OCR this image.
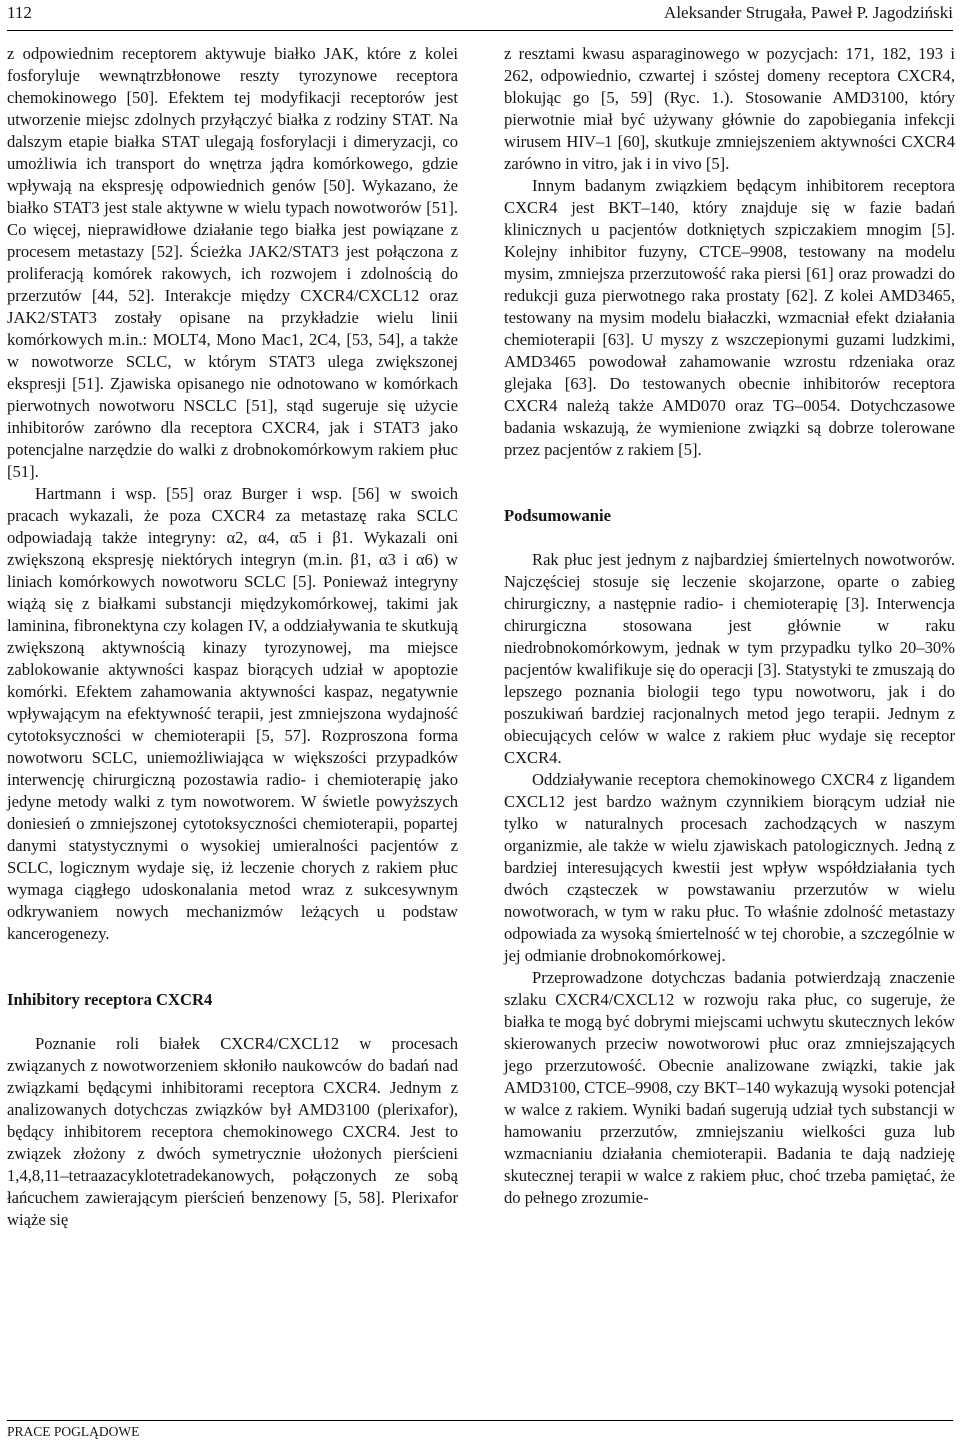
112	Aleksander Strugała, Paweł P. Jagodziński

z odpowiednim receptorem aktywuje białko JAK, które z kolei fosforyluje wewnątrzbłonowe reszty tyrozynowe receptora chemokinowego [50]. Efektem tej modyfikacji receptorów jest utworzenie miejsc zdolnych przyłączyć białka z rodziny STAT. Na dalszym etapie białka STAT ulegają fosforylacji i dimeryzacji, co umożliwia ich transport do wnętrza jądra komórkowego, gdzie wpływają na ekspresję odpowiednich genów [50]. Wykazano, że białko STAT3 jest stale aktywne w wielu typach nowotworów [51]. Co więcej, nieprawidłowe działanie tego białka jest powiązane z procesem metastazy [52]. Ścieżka JAK2/STAT3 jest połączona z proliferacją komórek rakowych, ich rozwojem i zdolnością do przerzutów [44, 52]. Interakcje między CXCR4/CXCL12 oraz JAK2/STAT3 zostały opisane na przykładzie wielu linii komórkowych m.in.: MOLT4, Mono Mac1, 2C4, [53, 54], a także w nowotworze SCLC, w którym STAT3 ulega zwiększonej ekspresji [51]. Zjawiska opisanego nie odnotowano w komórkach pierwotnych nowotworu NSCLC [51], stąd sugeruje się użycie inhibitorów zarówno dla receptora CXCR4, jak i STAT3 jako potencjalne narzędzie do walki z drobnokomórkowym rakiem płuc [51].

Hartmann i wsp. [55] oraz Burger i wsp. [56] w swoich pracach wykazali, że poza CXCR4 za metastazę raka SCLC odpowiadają także integryny: α2, α4, α5 i β1. Wykazali oni zwiększoną ekspresję niektórych integryn (m.in. β1, α3 i α6) w liniach komórkowych nowotworu SCLC [5]. Ponieważ integryny wiążą się z białkami substancji międzykomórkowej, takimi jak laminina, fibronektyna czy kolagen IV, a oddziaływania te skutkują zwiększoną aktywnością kinazy tyrozynowej, ma miejsce zablokowanie aktywności kaspaz biorących udział w apoptozie komórki. Efektem zahamowania aktywności kaspaz, negatywnie wpływającym na efektywność terapii, jest zmniejszona wydajność cytotoksyczności w chemioterapii [5, 57]. Rozproszona forma nowotworu SCLC, uniemożliwiająca w większości przypadków interwencję chirurgiczną pozostawia radio- i chemioterapię jako jedyne metody walki z tym nowotworem. W świetle powyższych doniesień o zmniejszonej cytotoksyczności chemioterapii, popartej danymi statystycznymi o wysokiej umieralności pacjentów z SCLC, logicznym wydaje się, iż leczenie chorych z rakiem płuc wymaga ciągłego udoskonalania metod wraz z sukcesywnym odkrywaniem nowych mechanizmów leżących u podstaw kancerogenezy.

Inhibitory receptora CXCR4

Poznanie roli białek CXCR4/CXCL12 w procesach związanych z nowotworzeniem skłoniło naukowców do badań nad związkami będącymi inhibitorami receptora CXCR4. Jednym z analizowanych dotychczas związków był AMD3100 (plerixafor), będący inhibitorem receptora chemokinowego CXCR4. Jest to związek złożony z dwóch symetrycznie ułożonych pierścieni 1,4,8,11–tetraazacyklotetradekanowych, połączonych ze sobą łańcuchem zawierającym pierścień benzenowy [5, 58]. Plerixafor wiąże się

z resztami kwasu asparaginowego w pozycjach: 171, 182, 193 i 262, odpowiednio, czwartej i szóstej domeny receptora CXCR4, blokując go [5, 59] (Ryc. 1.). Stosowanie AMD3100, który pierwotnie miał być używany głównie do zapobiegania infekcji wirusem HIV–1 [60], skutkuje zmniejszeniem aktywności CXCR4 zarówno in vitro, jak i in vivo [5].

Innym badanym związkiem będącym inhibitorem receptora CXCR4 jest BKT–140, który znajduje się w fazie badań klinicznych u pacjentów dotkniętych szpiczakiem mnogim [5]. Kolejny inhibitor fuzyny, CTCE–9908, testowany na modelu mysim, zmniejsza przerzutowość raka piersi [61] oraz prowadzi do redukcji guza pierwotnego raka prostaty [62]. Z kolei AMD3465, testowany na mysim modelu białaczki, wzmacniał efekt działania chemioterapii [63]. U myszy z wszczepionymi guzami ludzkimi, AMD3465 powodował zahamowanie wzrostu rdzeniaka oraz glejaka [63]. Do testowanych obecnie inhibitorów receptora CXCR4 należą także AMD070 oraz TG–0054. Dotychczasowe badania wskazują, że wymienione związki są dobrze tolerowane przez pacjentów z rakiem [5].

Podsumowanie

Rak płuc jest jednym z najbardziej śmiertelnych nowotworów. Najczęściej stosuje się leczenie skojarzone, oparte o zabieg chirurgiczny, a następnie radio- i chemioterapię [3]. Interwencja chirurgiczna stosowana jest głównie w raku niedrobnokomórkowym, jednak w tym przypadku tylko 20–30% pacjentów kwalifikuje się do operacji [3]. Statystyki te zmuszają do lepszego poznania biologii tego typu nowotworu, jak i do poszukiwań bardziej racjonalnych metod jego terapii. Jednym z obiecujących celów w walce z rakiem płuc wydaje się receptor CXCR4.

Oddziaływanie receptora chemokinowego CXCR4 z ligandem CXCL12 jest bardzo ważnym czynnikiem biorącym udział nie tylko w naturalnych procesach zachodzących w naszym organizmie, ale także w wielu zjawiskach patologicznych. Jedną z bardziej interesujących kwestii jest wpływ współdziałania tych dwóch cząsteczek w powstawaniu przerzutów w wielu nowotworach, w tym w raku płuc. To właśnie zdolność metastazy odpowiada za wysoką śmiertelność w tej chorobie, a szczególnie w jej odmianie drobnokomórkowej.

Przeprowadzone dotychczas badania potwierdzają znaczenie szlaku CXCR4/CXCL12 w rozwoju raka płuc, co sugeruje, że białka te mogą być dobrymi miejscami uchwytu skutecznych leków skierowanych przeciw nowotworowi płuc oraz zmniejszających jego przerzutowość. Obecnie analizowane związki, takie jak AMD3100, CTCE–9908, czy BKT–140 wykazują wysoki potencjał w walce z rakiem. Wyniki badań sugerują udział tych substancji w hamowaniu przerzutów, zmniejszaniu wielkości guza lub wzmacnianiu działania chemioterapii. Badania te dają nadzieję skutecznej terapii w walce z rakiem płuc, choć trzeba pamiętać, że do pełnego zrozumie-

PRACE POGLĄDOWE
